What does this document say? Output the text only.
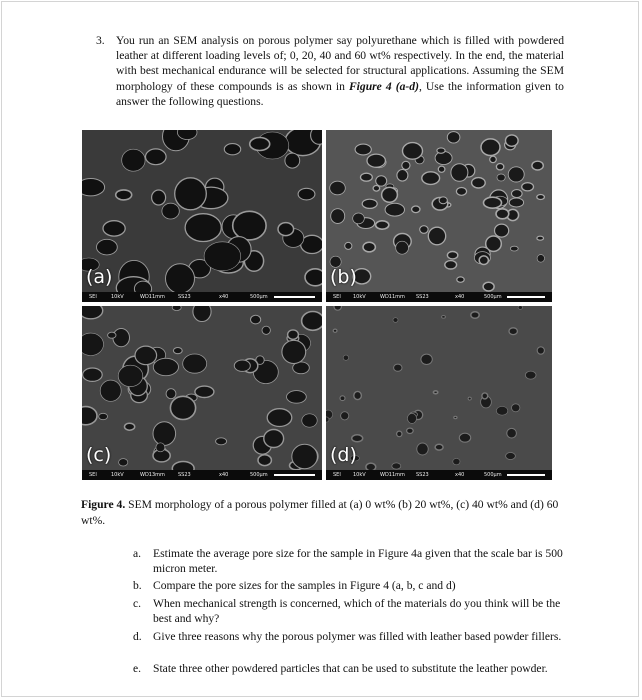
3. You run an SEM analysis on porous polymer say polyurethane which is filled with powdered leather at different loading levels of; 0, 20, 40 and 60 wt% respectively. In the end, the material with best mechanical endurance will be selected for structural applications. Assuming the SEM morphology of these compounds is as shown in Figure 4 (a-d), Use the information given to answer the following questions.
(a)
SEI	10kV	WD11mm	SS23	x40	500μm
(b)
SEI 10kV	WD11mm SS23	x40	500μm
(c)
SEI	10kV	WD13mm	SS23	x40	500μm
(d)
SEI 10kV	WD11mm SS23	x40	500μm
Figure 4. SEM morphology of a porous polymer filled at (a) 0 wt% (b) 20 wt%, (c) 40 wt% and (d) 60 wt%.
a. Estimate the average pore size for the sample in Figure 4a given that the scale bar is 500 micron meter.
b. Compare the pore sizes for the samples in Figure 4 (a, b, c and d)
c. When mechanical strength is concerned, which of the materials do you think will be the best and why?
d. Give three reasons why the porous polymer was filled with leather based powder fillers.
e. State three other powdered particles that can be used to substitute the leather powder.
